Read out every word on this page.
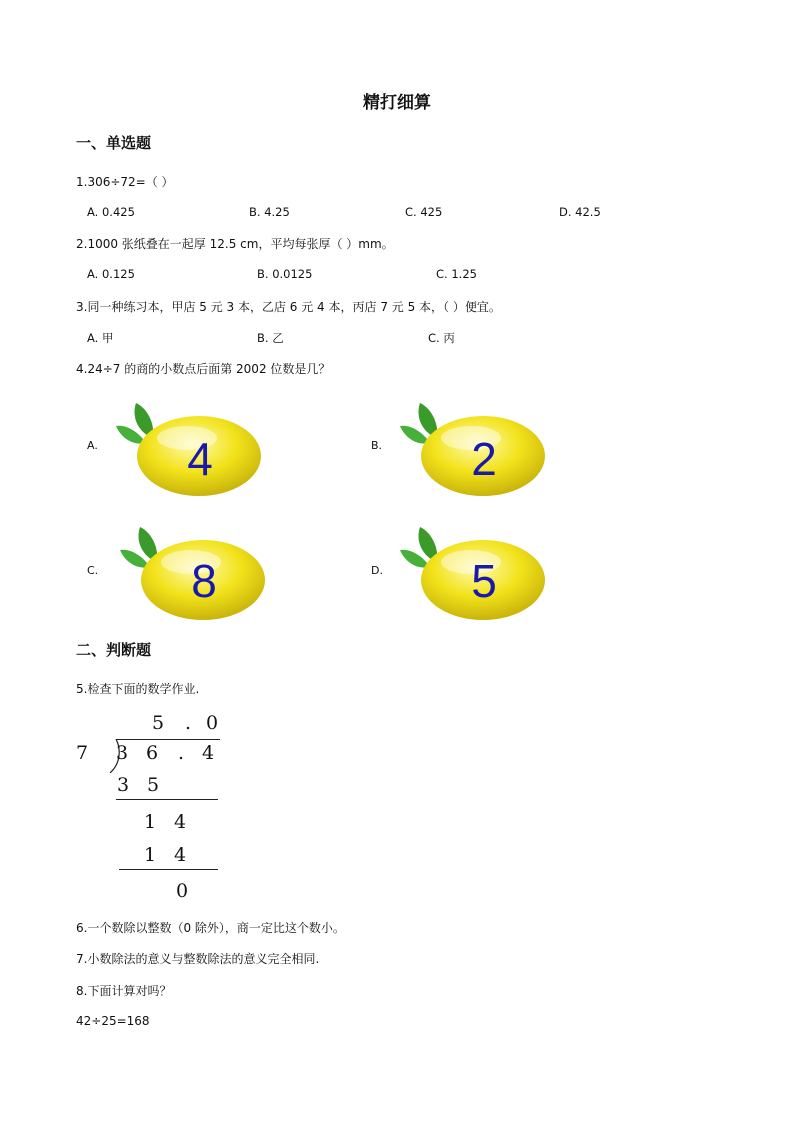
精打细算
一、单选题
1.306÷72=（ ）
A. 0.425	B. 4.25	C. 425	D. 42.5
2.1000 张纸叠在一起厚 12.5 cm，平均每张厚（ ）mm。
A. 0.125	B. 0.0125	C. 1.25
3.同一种练习本，甲店 5 元 3 本，乙店 6 元 4 本，丙店 7 元 5 本，（ ）便宜。
A. 甲	B. 乙	C. 丙
4.24÷7 的商的小数点后面第 2002 位数是几？
A. 4	B. 2
C. 8	D. 5
二、判断题
5.检查下面的数学作业.
5 . 0
7 3 6 . 4
3 5
1 4
1 4
0
6.一个数除以整数（0 除外），商一定比这个数小。
7.小数除法的意义与整数除法的意义完全相同.
8.下面计算对吗？
42÷25=168
